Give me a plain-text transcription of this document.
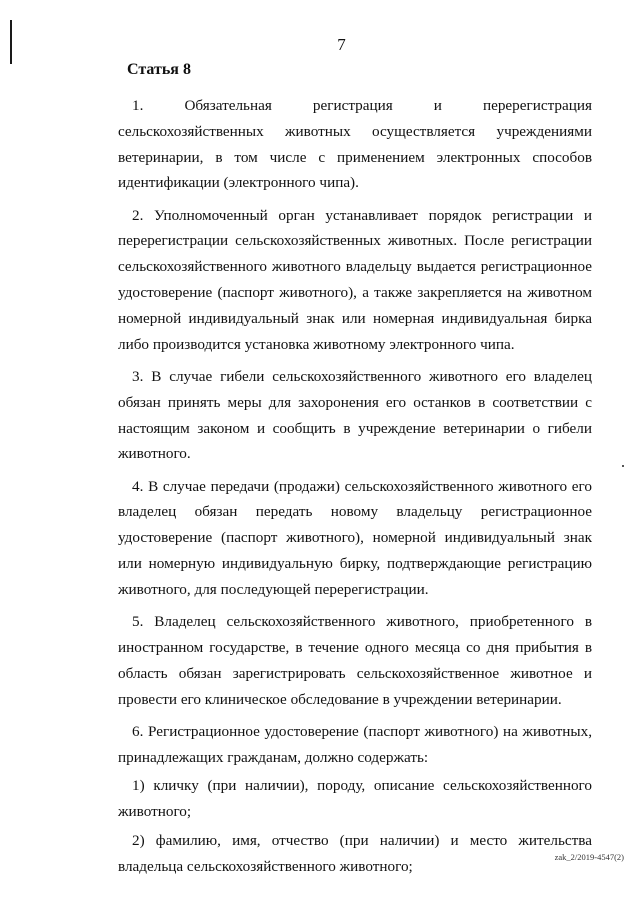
7
Статья 8

1. Обязательная регистрация и перерегистрация сельскохозяйственных животных осуществляется учреждениями ветеринарии, в том числе с применением электронных способов идентификации (электронного чипа).

2. Уполномоченный орган устанавливает порядок регистрации и перерегистрации сельскохозяйственных животных. После регистрации сельскохозяйственного животного владельцу выдается регистрационное удостоверение (паспорт животного), а также закрепляется на животном номерной индивидуальный знак или номерная индивидуальная бирка либо производится установка животному электронного чипа.

3. В случае гибели сельскохозяйственного животного его владелец обязан принять меры для захоронения его останков в соответствии с настоящим законом и сообщить в учреждение ветеринарии о гибели животного.

4. В случае передачи (продажи) сельскохозяйственного животного его владелец обязан передать новому владельцу регистрационное удостоверение (паспорт животного), номерной индивидуальный знак или номерную индивидуальную бирку, подтверждающие регистрацию животного, для последующей перерегистрации.

5. Владелец сельскохозяйственного животного, приобретенного в иностранном государстве, в течение одного месяца со дня прибытия в область обязан зарегистрировать сельскохозяйственное животное и провести его клиническое обследование в учреждении ветеринарии.

6. Регистрационное удостоверение (паспорт животного) на животных, принадлежащих гражданам, должно содержать:

1) кличку (при наличии), породу, описание сельскохозяйственного животного;

2) фамилию, имя, отчество (при наличии) и место жительства владельца сельскохозяйственного животного;

zak_2/2019-4547(2)
